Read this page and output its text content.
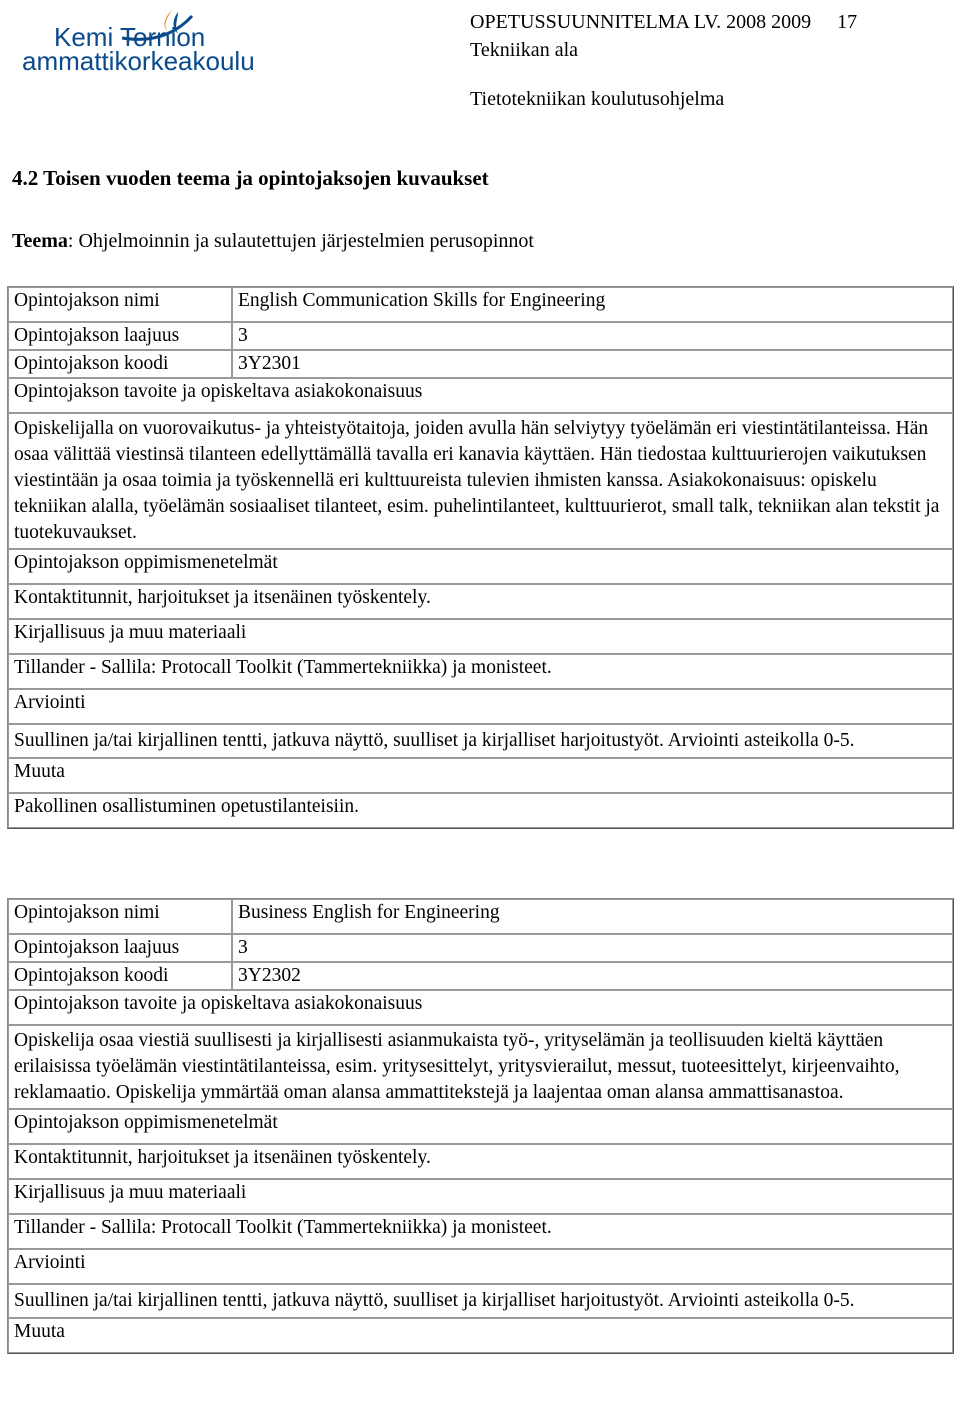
Kemi Tornion
ammattikorkeakoulu
OPETUSSUUNNITELMA LV. 2008 2009 17
Tekniikan ala
Tietotekniikan koulutusohjelma
4.2 Toisen vuoden teema ja opintojaksojen kuvaukset
Teema: Ohjelmoinnin ja sulautettujen järjestelmien perusopinnot
Opintojakson nimi	English Communication Skills for Engineering
Opintojakson laajuus	3
Opintojakson koodi	3Y2301
Opintojakson tavoite ja opiskeltava asiakokonaisuus	
Opiskelijalla on vuorovaikutus- ja yhteistyötaitoja, joiden avulla hän selviytyy työelämän eri viestintätilanteissa. Hän osaa välittää viestinsä tilanteen edellyttämällä tavalla eri kanavia käyttäen. Hän tiedostaa kulttuurierojen vaikutuksen viestintään ja osaa toimia ja työskennellä eri kulttuureista tulevien ihmisten kanssa. Asiakokonaisuus: opiskelu tekniikan alalla, työelämän sosiaaliset tilanteet, esim. puhelintilanteet, kulttuurierot, small talk, tekniikan alan tekstit ja tuotekuvaukset.	
Opintojakson oppimismenetelmät	
Kontaktitunnit, harjoitukset ja itsenäinen työskentely.	
Kirjallisuus ja muu materiaali	
Tillander - Sallila: Protocall Toolkit (Tammertekniikka) ja monisteet.	
Arviointi	
Suullinen ja/tai kirjallinen tentti, jatkuva näyttö, suulliset ja kirjalliset harjoitustyöt. Arviointi asteikolla 0-5.	
Muuta	
Pakollinen osallistuminen opetustilanteisiin.	
Opintojakson nimi	Business English for Engineering
Opintojakson laajuus	3
Opintojakson koodi	3Y2302
Opintojakson tavoite ja opiskeltava asiakokonaisuus	
Opiskelija osaa viestiä suullisesti ja kirjallisesti asianmukaista työ-, yrityselämän ja teollisuuden kieltä käyttäen erilaisissa työelämän viestintätilanteissa, esim. yritysesittelyt, yritysvierailut, messut, tuoteesittelyt, kirjeenvaihto, reklamaatio. Opiskelija ymmärtää oman alansa ammattitekstejä ja laajentaa oman alansa ammattisanastoa.	
Opintojakson oppimismenetelmät	
Kontaktitunnit, harjoitukset ja itsenäinen työskentely.	
Kirjallisuus ja muu materiaali	
Tillander - Sallila: Protocall Toolkit (Tammertekniikka) ja monisteet.	
Arviointi	
Suullinen ja/tai kirjallinen tentti, jatkuva näyttö, suulliset ja kirjalliset harjoitustyöt. Arviointi asteikolla 0-5.	
Muuta	
